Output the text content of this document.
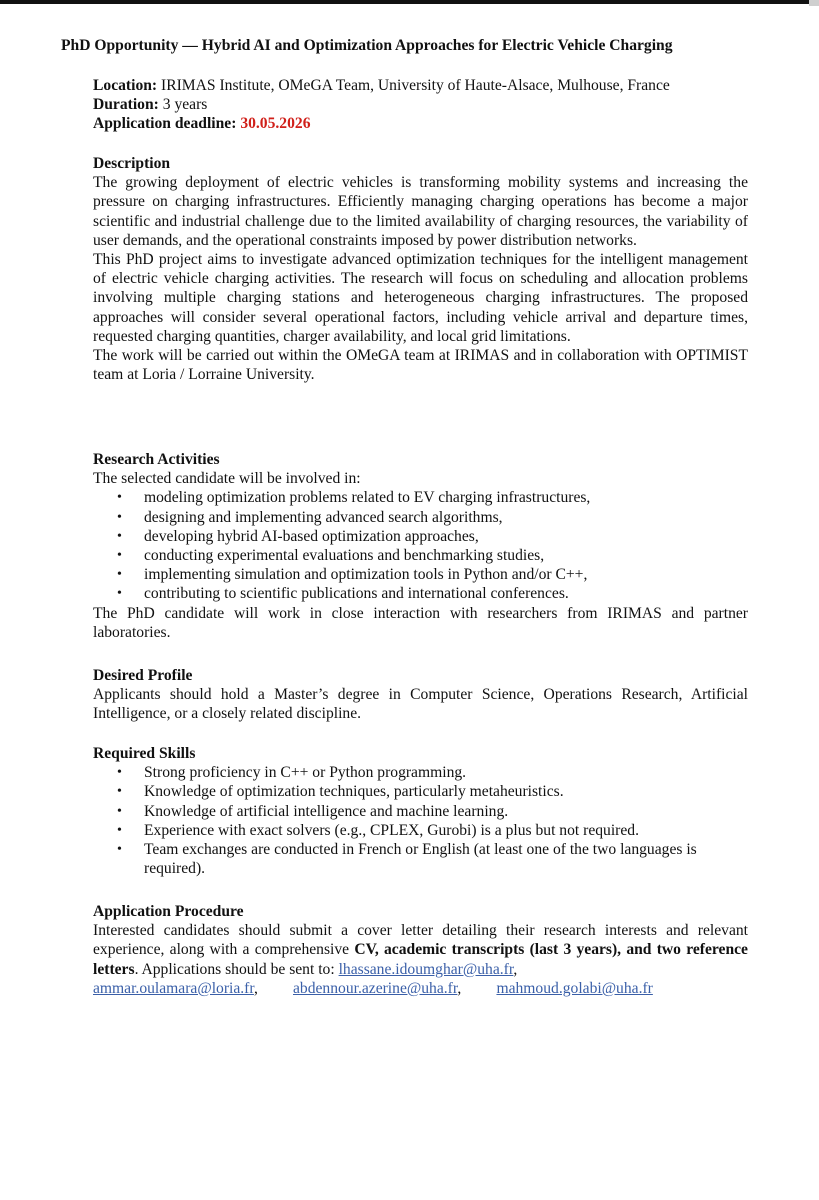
PhD Opportunity — Hybrid AI and Optimization Approaches for Electric Vehicle Charging
Location: IRIMAS Institute, OMeGA Team, University of Haute-Alsace, Mulhouse, France
Duration: 3 years
Application deadline: 30.05.2026
Description

The growing deployment of electric vehicles is transforming mobility systems and increasing the pressure on charging infrastructures. Efficiently managing charging operations has become a major scientific and industrial challenge due to the limited availability of charging resources, the variability of user demands, and the operational constraints imposed by power distribution networks.

This PhD project aims to investigate advanced optimization techniques for the intelligent management of electric vehicle charging activities. The research will focus on scheduling and allocation problems involving multiple charging stations and heterogeneous charging infrastructures. The proposed approaches will consider several operational factors, including vehicle arrival and departure times, requested charging quantities, charger availability, and local grid limitations.

The work will be carried out within the OMeGA team at IRIMAS and in collaboration with OPTIMIST team at Loria / Lorraine University.

Research Activities

The selected candidate will be involved in:

• modeling optimization problems related to EV charging infrastructures,
• designing and implementing advanced search algorithms,
• developing hybrid AI-based optimization approaches,
• conducting experimental evaluations and benchmarking studies,
• implementing simulation and optimization tools in Python and/or C++,
• contributing to scientific publications and international conferences.

The PhD candidate will work in close interaction with researchers from IRIMAS and partner laboratories.

Desired Profile

Applicants should hold a Master’s degree in Computer Science, Operations Research, Artificial Intelligence, or a closely related discipline.

Required Skills
• Strong proficiency in C++ or Python programming.
• Knowledge of optimization techniques, particularly metaheuristics.
• Knowledge of artificial intelligence and machine learning.
• Experience with exact solvers (e.g., CPLEX, Gurobi) is a plus but not required.
• Team exchanges are conducted in French or English (at least one of the two languages is required).
Application Procedure

Interested candidates should submit a cover letter detailing their research interests and relevant experience, along with a comprehensive CV, academic transcripts (last 3 years), and two reference letters. Applications should be sent to: lhassane.idoumghar@uha.fr,

ammar.oulamara@loria.fr, abdennour.azerine@uha.fr, mahmoud.golabi@uha.fr
